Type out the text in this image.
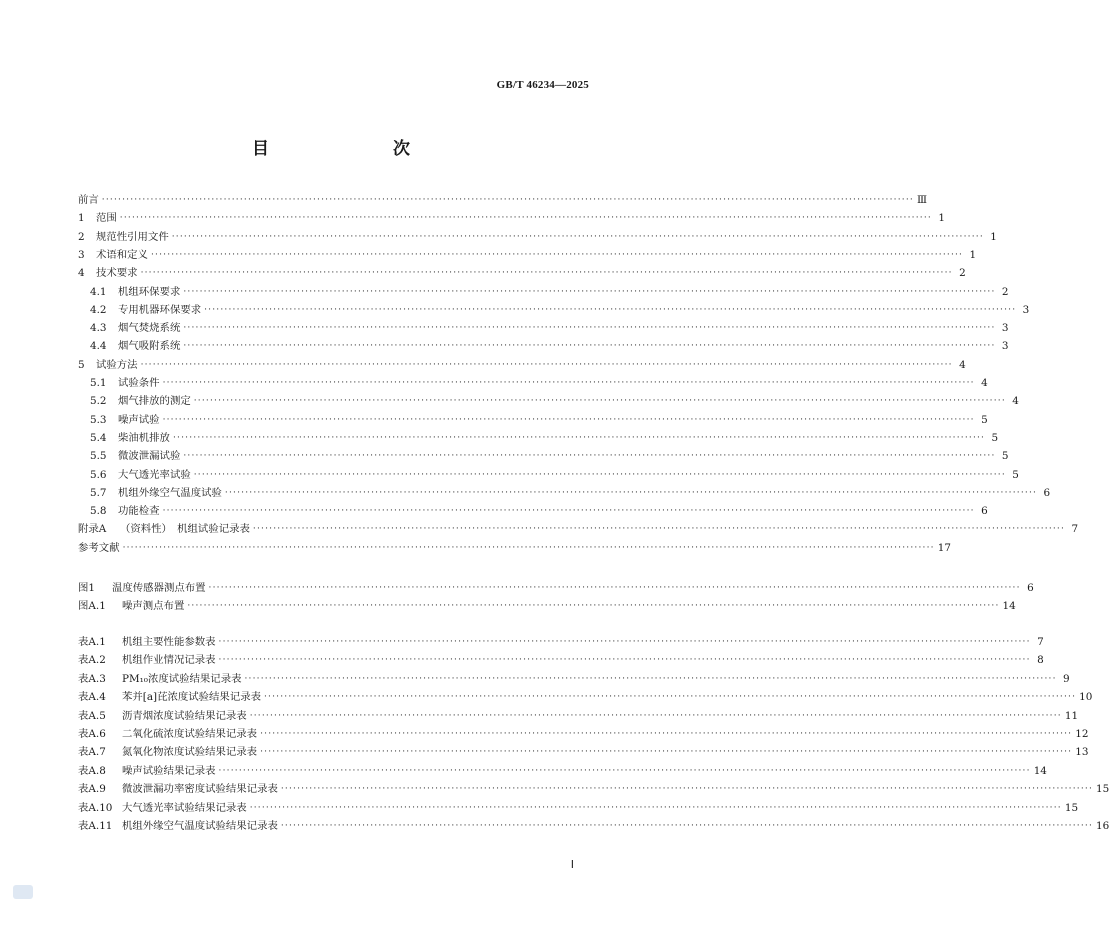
GB/T 46234—2025
目　　次
前言 ········································································································································································································ Ⅲ
1	范围 ········································································································································································································ 1
2	规范性引用文件 ········································································································································································································ 1
3	术语和定义 ········································································································································································································ 1
4	技术要求 ········································································································································································································ 2
4.1	机组环保要求 ········································································································································································································ 2
4.2	专用机器环保要求 ········································································································································································································ 3
4.3	烟气焚烧系统 ········································································································································································································ 3
4.4	烟气吸附系统 ········································································································································································································ 3
5	试验方法 ········································································································································································································ 4
5.1	试验条件 ········································································································································································································ 4
5.2	烟气排放的测定 ········································································································································································································ 4
5.3	噪声试验 ········································································································································································································ 5
5.4	柴油机排放 ········································································································································································································ 5
5.5	微波泄漏试验 ········································································································································································································ 5
5.6	大气透光率试验 ········································································································································································································ 5
5.7	机组外缘空气温度试验 ········································································································································································································ 6
5.8	功能检查 ········································································································································································································ 6
附录A	（资料性）　机组试验记录表 ········································································································································································································ 7
参考文献 ········································································································································································································ 17
图1	温度传感器测点布置 ········································································································································································································ 6
图A.1	噪声测点布置 ········································································································································································································ 14
表A.1	机组主要性能参数表 ········································································································································································································ 7
表A.2	机组作业情况记录表 ········································································································································································································ 8
表A.3	PM₁₀浓度试验结果记录表 ········································································································································································································ 9
表A.4	苯并[a]芘浓度试验结果记录表 ········································································································································································································ 10
表A.5	沥青烟浓度试验结果记录表 ········································································································································································································ 11
表A.6	二氧化硫浓度试验结果记录表 ········································································································································································································ 12
表A.7	氮氧化物浓度试验结果记录表 ········································································································································································································ 13
表A.8	噪声试验结果记录表 ········································································································································································································ 14
表A.9	微波泄漏功率密度试验结果记录表 ········································································································································································································ 15
表A.10 大气透光率试验结果记录表 ········································································································································································································ 15
表A.11 机组外缘空气温度试验结果记录表 ········································································································································································································ 16
Ⅰ
